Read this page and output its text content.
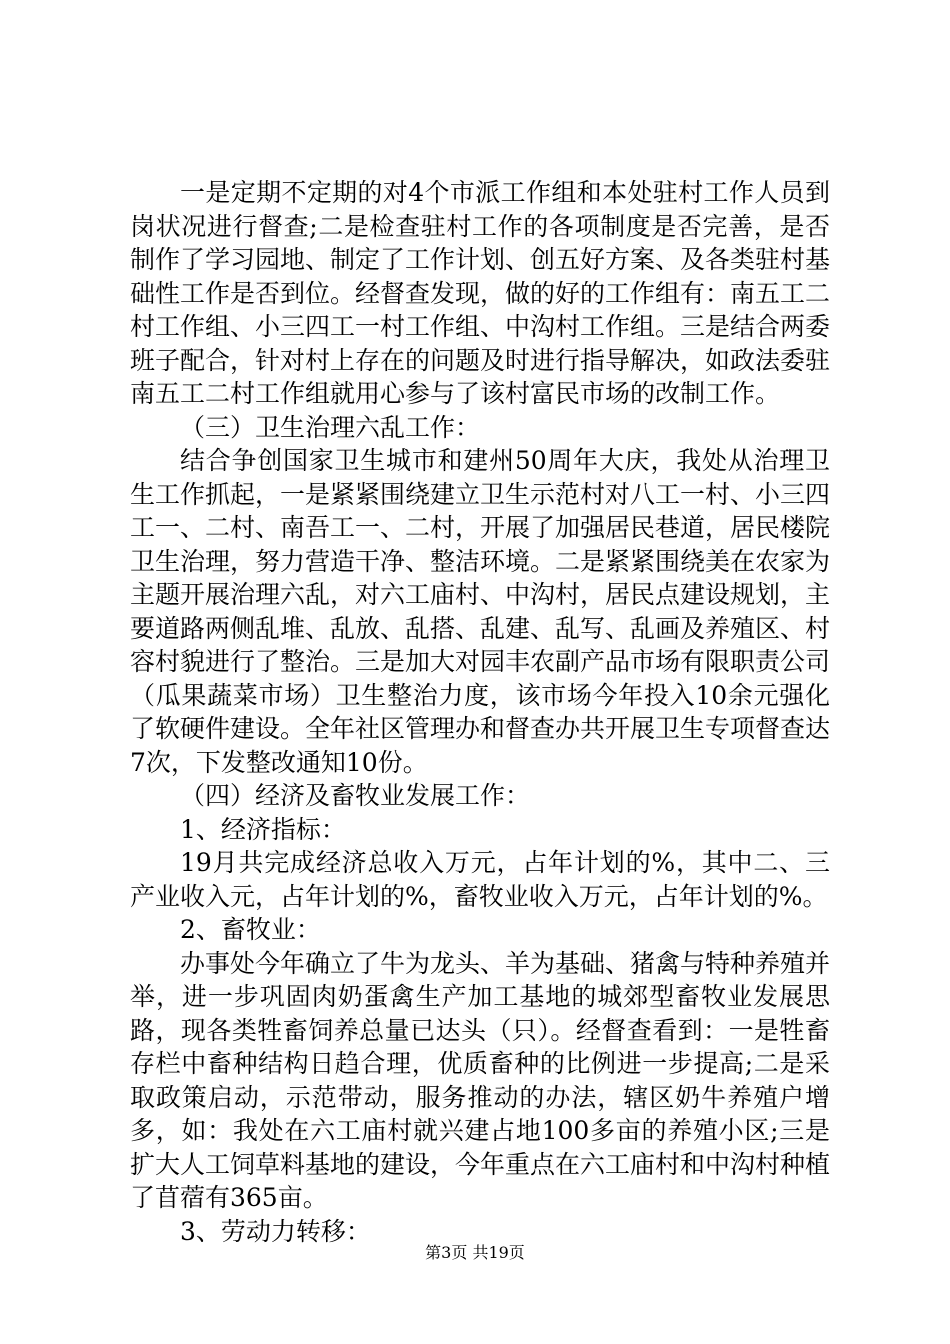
一是定期不定期的对4个市派工作组和本处驻村工作人员到岗状况进行督查;二是检查驻村工作的各项制度是否完善，是否制作了学习园地、制定了工作计划、创五好方案、及各类驻村基础性工作是否到位。经督查发现，做的好的工作组有：南五工二村工作组、小三四工一村工作组、中沟村工作组。三是结合两委班子配合，针对村上存在的问题及时进行指导解决，如政法委驻南五工二村工作组就用心参与了该村富民市场的改制工作。

（三）卫生治理六乱工作：

结合争创国家卫生城市和建州50周年大庆，我处从治理卫生工作抓起，一是紧紧围绕建立卫生示范村对八工一村、小三四工一、二村、南吾工一、二村，开展了加强居民巷道，居民楼院卫生治理，努力营造干净、整洁环境。二是紧紧围绕美在农家为主题开展治理六乱，对六工庙村、中沟村，居民点建设规划，主要道路两侧乱堆、乱放、乱搭、乱建、乱写、乱画及养殖区、村容村貌进行了整治。三是加大对园丰农副产品市场有限职责公司（瓜果蔬菜市场）卫生整治力度，该市场今年投入10余元强化了软硬件建设。全年社区管理办和督查办共开展卫生专项督查达7次，下发整改通知10份。

（四）经济及畜牧业发展工作：

1、经济指标：

19月共完成经济总收入万元，占年计划的%，其中二、三产业收入元，占年计划的%，畜牧业收入万元，占年计划的%。

2、畜牧业：

办事处今年确立了牛为龙头、羊为基础、猪禽与特种养殖并举，进一步巩固肉奶蛋禽生产加工基地的城郊型畜牧业发展思路，现各类牲畜饲养总量已达头（只）。经督查看到：一是牲畜存栏中畜种结构日趋合理，优质畜种的比例进一步提高;二是采取政策启动，示范带动，服务推动的办法，辖区奶牛养殖户增多，如：我处在六工庙村就兴建占地100多亩的养殖小区;三是扩大人工饲草料基地的建设，今年重点在六工庙村和中沟村种植了苜蓿有365亩。

3、劳动力转移：

第3页 共19页
